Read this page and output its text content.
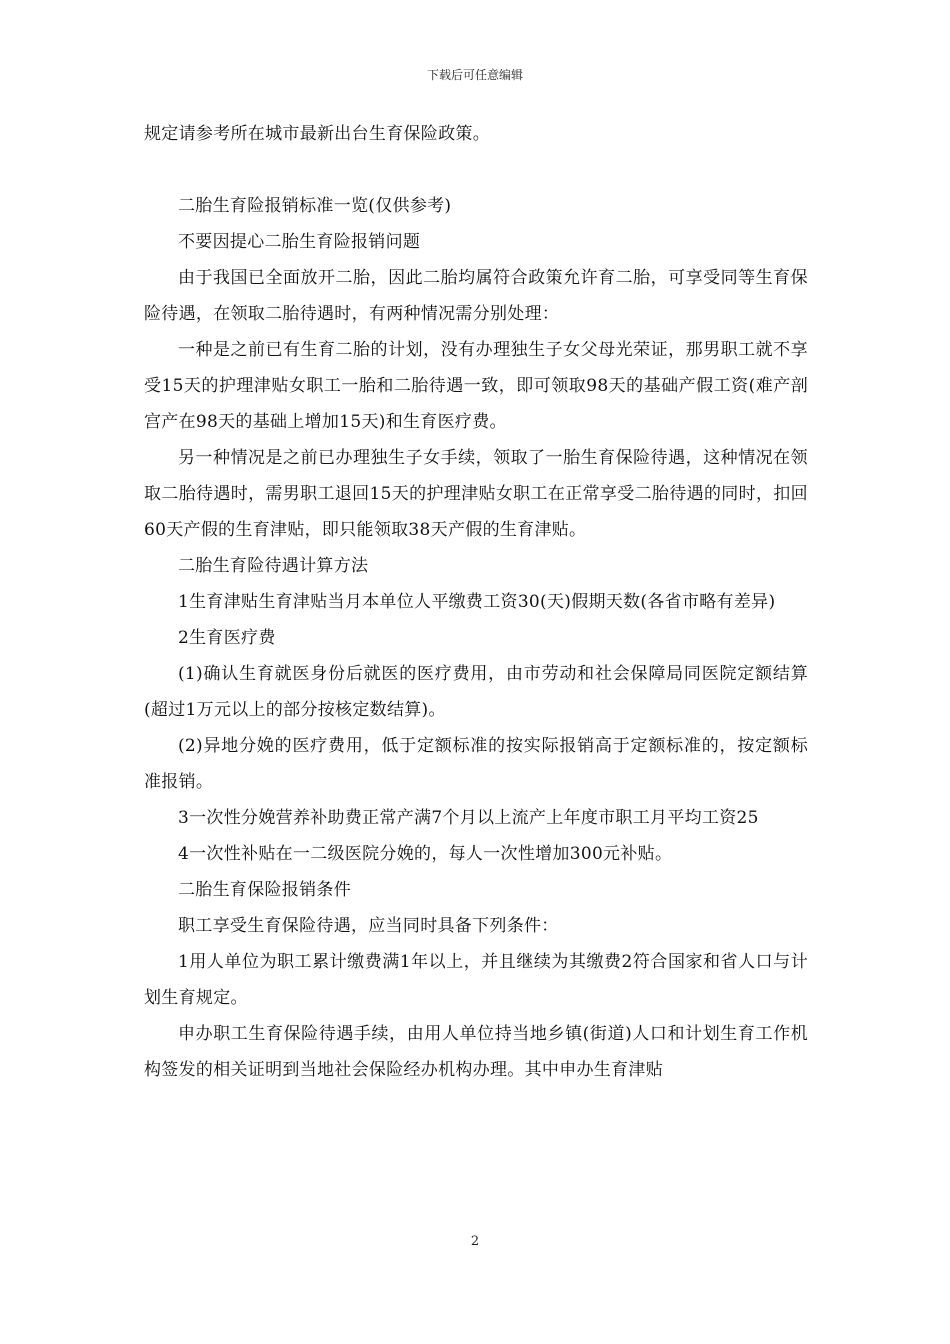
下载后可任意编辑

规定请参考所在城市最新出台生育保险政策。

二胎生育险报销标准一览(仅供参考)

不要因提心二胎生育险报销问题

由于我国已全面放开二胎，因此二胎均属符合政策允许育二胎，可享受同等生育保险待遇，在领取二胎待遇时，有两种情况需分别处理：

一种是之前已有生育二胎的计划，没有办理独生子女父母光荣证，那男职工就不享受15天的护理津贴女职工一胎和二胎待遇一致，即可领取98天的基础产假工资(难产剖宫产在98天的基础上增加15天)和生育医疗费。

另一种情况是之前已办理独生子女手续，领取了一胎生育保险待遇，这种情况在领取二胎待遇时，需男职工退回15天的护理津贴女职工在正常享受二胎待遇的同时，扣回60天产假的生育津贴，即只能领取38天产假的生育津贴。

二胎生育险待遇计算方法

1生育津贴生育津贴当月本单位人平缴费工资30(天)假期天数(各省市略有差异)

2生育医疗费

(1)确认生育就医身份后就医的医疗费用，由市劳动和社会保障局同医院定额结算(超过1万元以上的部分按核定数结算)。

(2)异地分娩的医疗费用，低于定额标准的按实际报销高于定额标准的，按定额标准报销。

3一次性分娩营养补助费正常产满7个月以上流产上年度市职工月平均工资25

4一次性补贴在一二级医院分娩的，每人一次性增加300元补贴。

二胎生育保险报销条件

职工享受生育保险待遇，应当同时具备下列条件：

1用人单位为职工累计缴费满1年以上，并且继续为其缴费2符合国家和省人口与计划生育规定。

申办职工生育保险待遇手续，由用人单位持当地乡镇(街道)人口和计划生育工作机构签发的相关证明到当地社会保险经办机构办理。其中申办生育津贴

2
